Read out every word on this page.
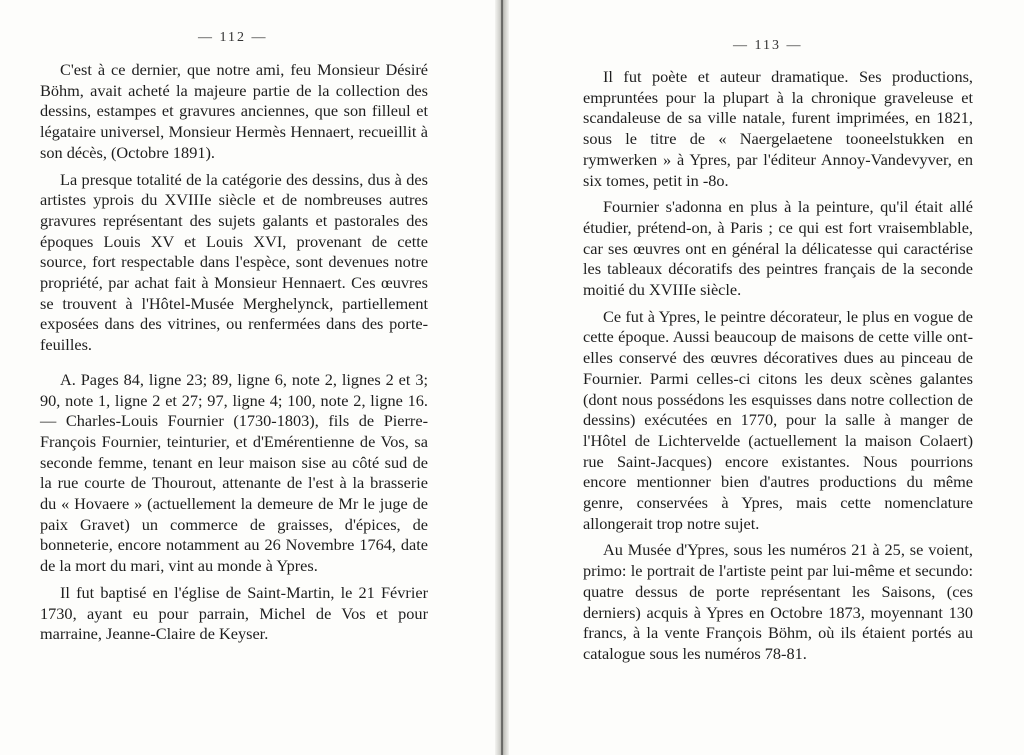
— 112 —

C'est à ce dernier, que notre ami, feu Monsieur Désiré Böhm, avait acheté la majeure partie de la collection des dessins, estampes et gravures anciennes, que son filleul et légataire universel, Monsieur Hermès Hennaert, recueillit à son décès, (Octobre 1891).

La presque totalité de la catégorie des dessins, dus à des artistes yprois du XVIIIe siècle et de nombreuses autres gravures représentant des sujets galants et pastorales des époques Louis XV et Louis XVI, provenant de cette source, fort respectable dans l'espèce, sont devenues notre propriété, par achat fait à Monsieur Hennaert. Ces œuvres se trouvent à l'Hôtel-Musée Merghelynck, partiellement exposées dans des vitrines, ou renfermées dans des porte-feuilles.

A. Pages 84, ligne 23; 89, ligne 6, note 2, lignes 2 et 3; 90, note 1, ligne 2 et 27; 97, ligne 4; 100, note 2, ligne 16. — Charles-Louis Fournier (1730-1803), fils de Pierre-François Fournier, teinturier, et d'Emérentienne de Vos, sa seconde femme, tenant en leur maison sise au côté sud de la rue courte de Thourout, attenante de l'est à la brasserie du « Hovaere » (actuellement la demeure de Mr le juge de paix Gravet) un commerce de graisses, d'épices, de bonneterie, encore notamment au 26 Novembre 1764, date de la mort du mari, vint au monde à Ypres.

Il fut baptisé en l'église de Saint-Martin, le 21 Février 1730, ayant eu pour parrain, Michel de Vos et pour marraine, Jeanne-Claire de Keyser.

— 113 —

Il fut poète et auteur dramatique. Ses productions, empruntées pour la plupart à la chronique graveleuse et scandaleuse de sa ville natale, furent imprimées, en 1821, sous le titre de « Naergelaetene tooneelstukken en rymwerken » à Ypres, par l'éditeur Annoy-Vandevyver, en six tomes, petit in -8o.

Fournier s'adonna en plus à la peinture, qu'il était allé étudier, prétend-on, à Paris ; ce qui est fort vraisemblable, car ses œuvres ont en général la délicatesse qui caractérise les tableaux décoratifs des peintres français de la seconde moitié du XVIIIe siècle.

Ce fut à Ypres, le peintre décorateur, le plus en vogue de cette époque. Aussi beaucoup de maisons de cette ville ont-elles conservé des œuvres décoratives dues au pinceau de Fournier. Parmi celles-ci citons les deux scènes galantes (dont nous possédons les esquisses dans notre collection de dessins) exécutées en 1770, pour la salle à manger de l'Hôtel de Lichtervelde (actuellement la maison Colaert) rue Saint-Jacques) encore existantes. Nous pourrions encore mentionner bien d'autres productions du même genre, conservées à Ypres, mais cette nomenclature allongerait trop notre sujet.

Au Musée d'Ypres, sous les numéros 21 à 25, se voient, primo: le portrait de l'artiste peint par lui-même et secundo: quatre dessus de porte représentant les Saisons, (ces derniers) acquis à Ypres en Octobre 1873, moyennant 130 francs, à la vente François Böhm, où ils étaient portés au catalogue sous les numéros 78-81.
